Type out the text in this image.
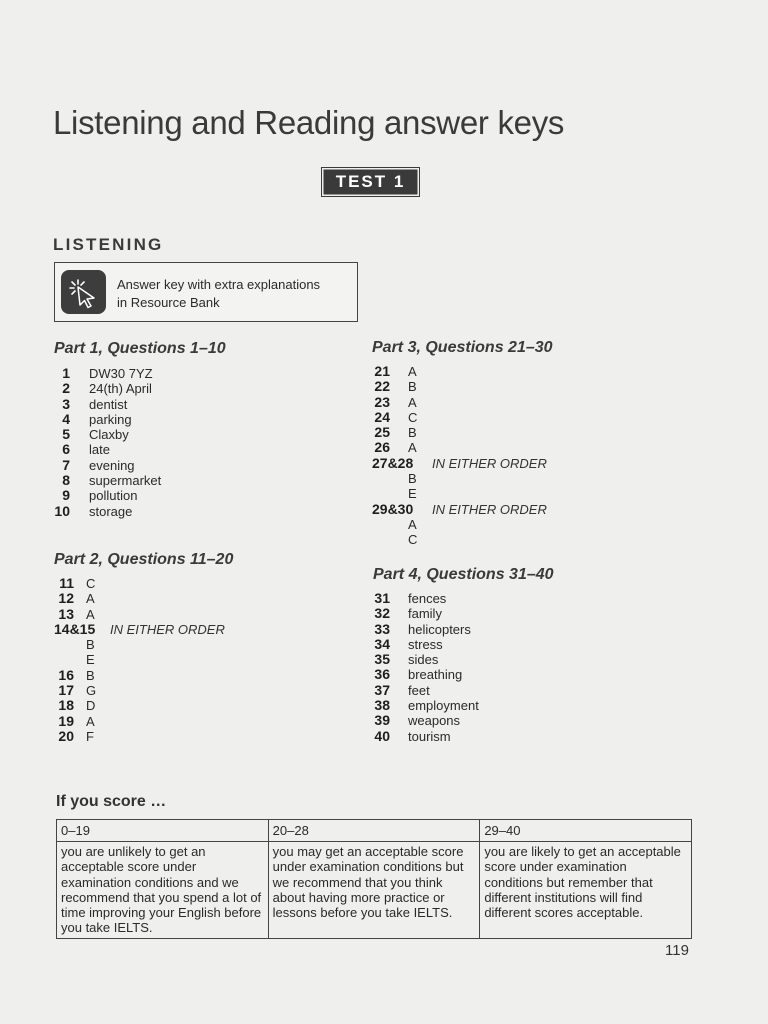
Listening and Reading answer keys
TEST 1
LISTENING
Answer key with extra explanations
in Resource Bank
Part 1, Questions 1–10
1 DW30 7YZ
2 24(th) April
3 dentist
4 parking
5 Claxby
6 late
7 evening
8 supermarket
9 pollution
10 storage
Part 2, Questions 11–20
11 C
12 A
13 A
14&15 IN EITHER ORDER
B
E
16 B
17 G
18 D
19 A
20 F
Part 3, Questions 21–30
21 A
22 B
23 A
24 C
25 B
26 A
27&28 IN EITHER ORDER
B
E
29&30 IN EITHER ORDER
A
C
Part 4, Questions 31–40
31 fences
32 family
33 helicopters
34 stress
35 sides
36 breathing
37 feet
38 employment
39 weapons
40 tourism
If you score …
0–19	20–28	29–40
you are unlikely to get an acceptable score under examination conditions and we recommend that you spend a lot of time improving your English before you take IELTS.	you may get an acceptable score under examination conditions but we recommend that you think about having more practice or lessons before you take IELTS.	you are likely to get an acceptable score under examination conditions but remember that different institutions will find different scores acceptable.
119
